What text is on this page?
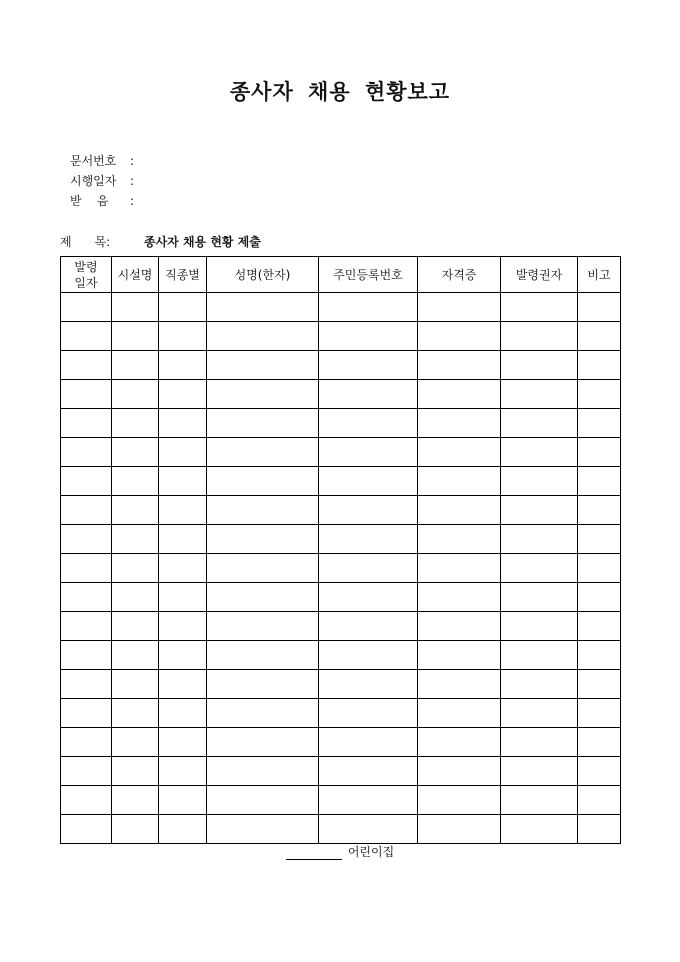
종사자 채용 현황보고
문서번호	:
시행일자	:
받    음	:
제      목:	종사자 채용 현황 제출
발령
일자	시설명	직종별	성명(한자)	주민등록번호	자격증	발령권자	비고

어린이집
